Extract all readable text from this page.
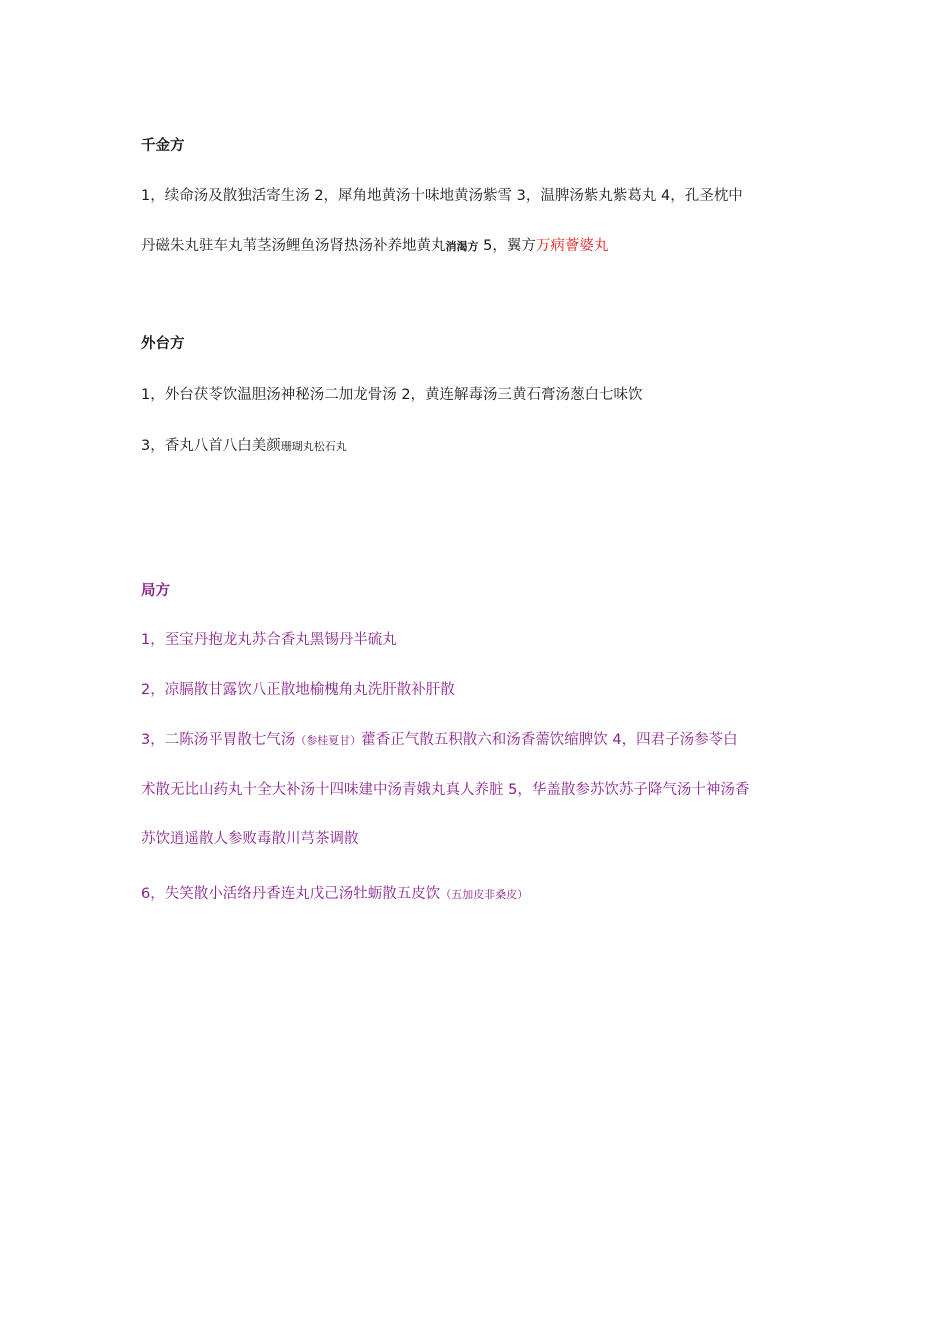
千金方
1，续命汤及散独活寄生汤 2，犀角地黄汤十味地黄汤紫雪 3，温脾汤紫丸紫葛丸 4，孔圣枕中
丹磁朱丸驻车丸苇茎汤鲤鱼汤肾热汤补养地黄丸消渴方 5，翼方万病薈婆丸
外台方
1，外台茯苓饮温胆汤神秘汤二加龙骨汤 2，黄连解毒汤三黄石膏汤葱白七味饮
3，香丸八首八白美颜珊瑚丸松石丸
局方
1，至宝丹抱龙丸苏合香丸黑锡丹半硫丸
2，凉膈散甘露饮八正散地榆槐角丸洗肝散补肝散
3，二陈汤平胃散七气汤（参桂夏甘）藿香正气散五积散六和汤香薷饮缩脾饮 4，四君子汤参苓白
术散无比山药丸十全大补汤十四味建中汤青娥丸真人养脏 5，华盖散参苏饮苏子降气汤十神汤香
苏饮逍遥散人参败毒散川芎茶调散
6，失笑散小活络丹香连丸戊己汤牡蛎散五皮饮（五加皮非桑皮）
